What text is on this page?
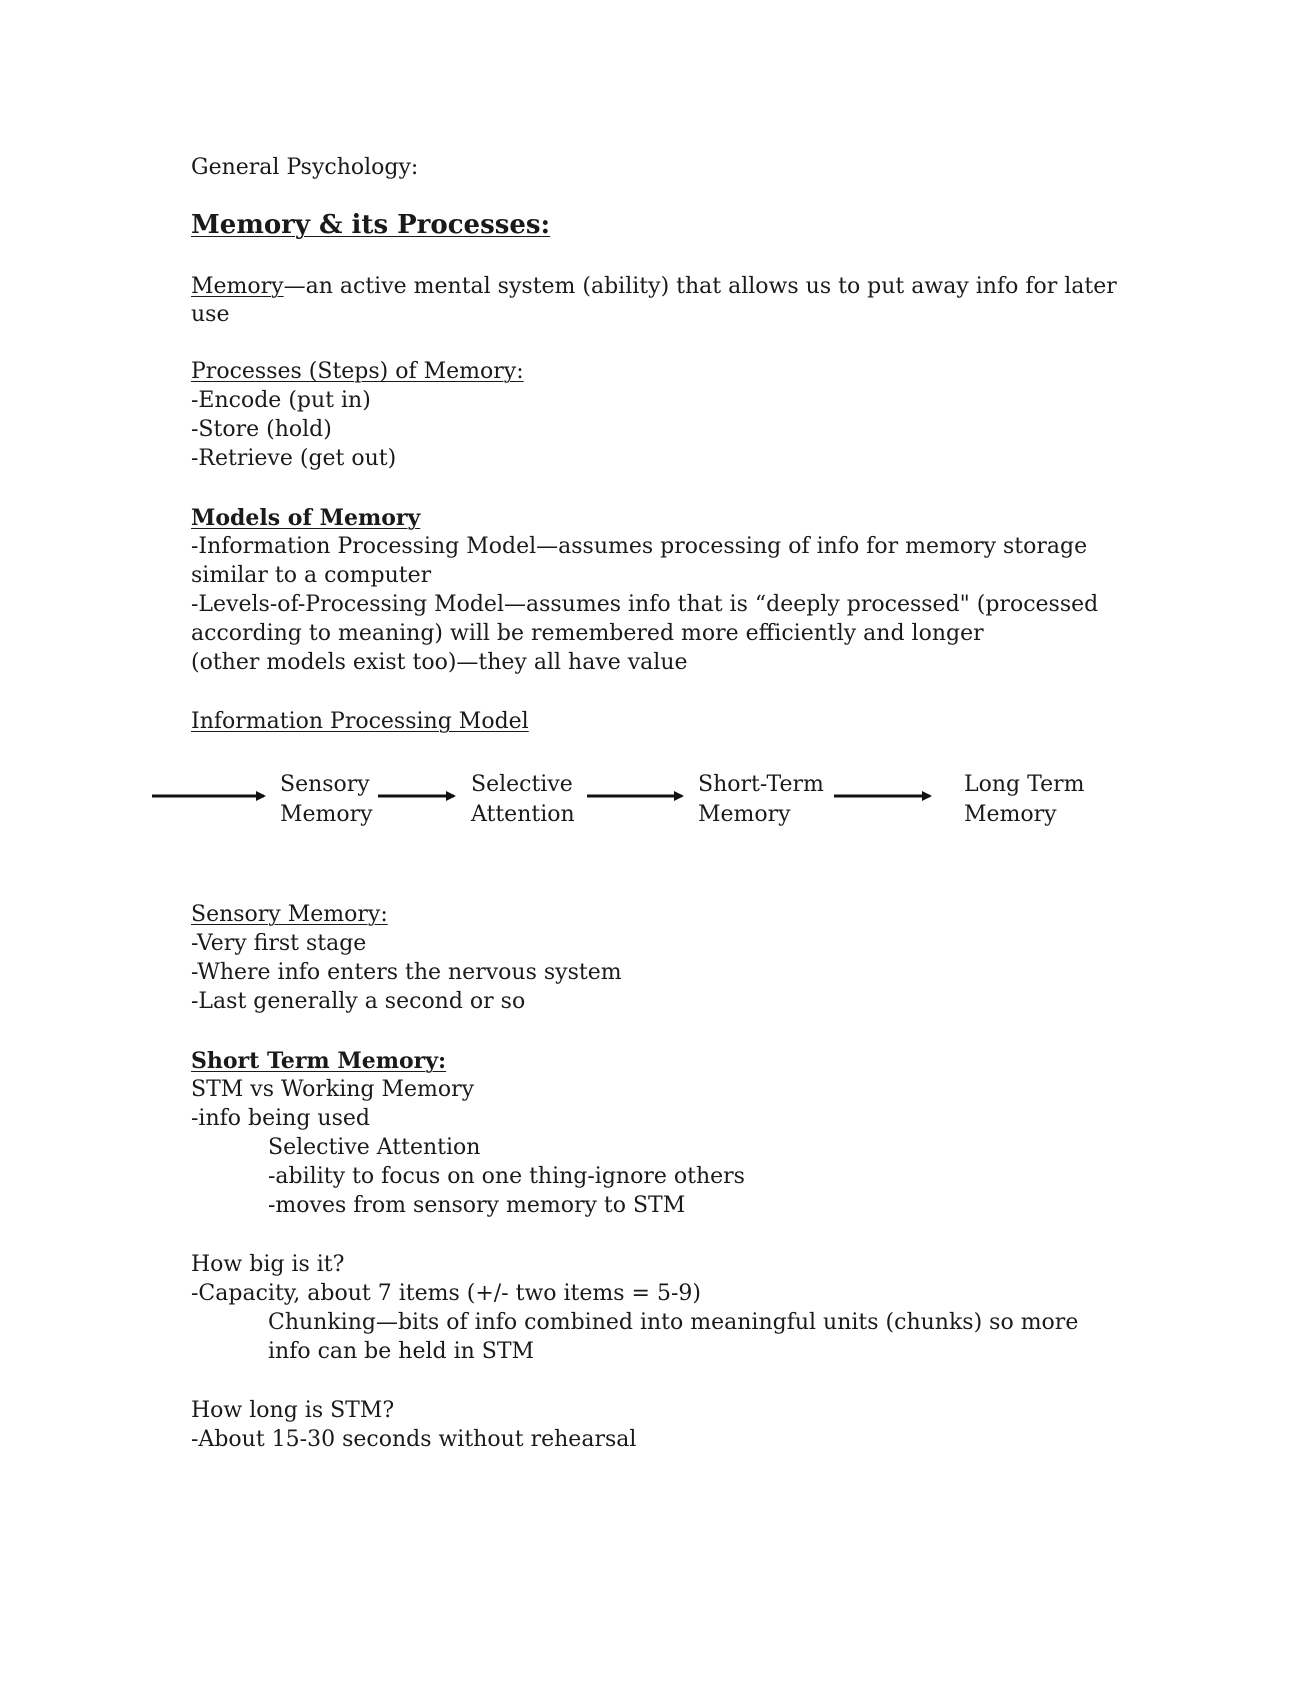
General Psychology:

Memory & its Processes:

Memory—an active mental system (ability) that allows us to put away info for later

use

Processes (Steps) of Memory:

-Encode (put in)

-Store (hold)

-Retrieve (get out)

Models of Memory

-Information Processing Model—assumes processing of info for memory storage

similar to a computer

-Levels-of-Processing Model—assumes info that is “deeply processed" (processed

according to meaning) will be remembered more efficiently and longer

(other models exist too)—they all have value

Information Processing Model

Sensory
Memory
Selective
Attention
Short-Term
Memory
Long Term
Memory

Sensory Memory:

-Very first stage

-Where info enters the nervous system

-Last generally a second or so

Short Term Memory:

STM vs Working Memory

-info being used

Selective Attention

-ability to focus on one thing-ignore others

-moves from sensory memory to STM

How big is it?

-Capacity, about 7 items (+/- two items = 5-9)

Chunking—bits of info combined into meaningful units (chunks) so more

info can be held in STM

How long is STM?

-About 15-30 seconds without rehearsal
